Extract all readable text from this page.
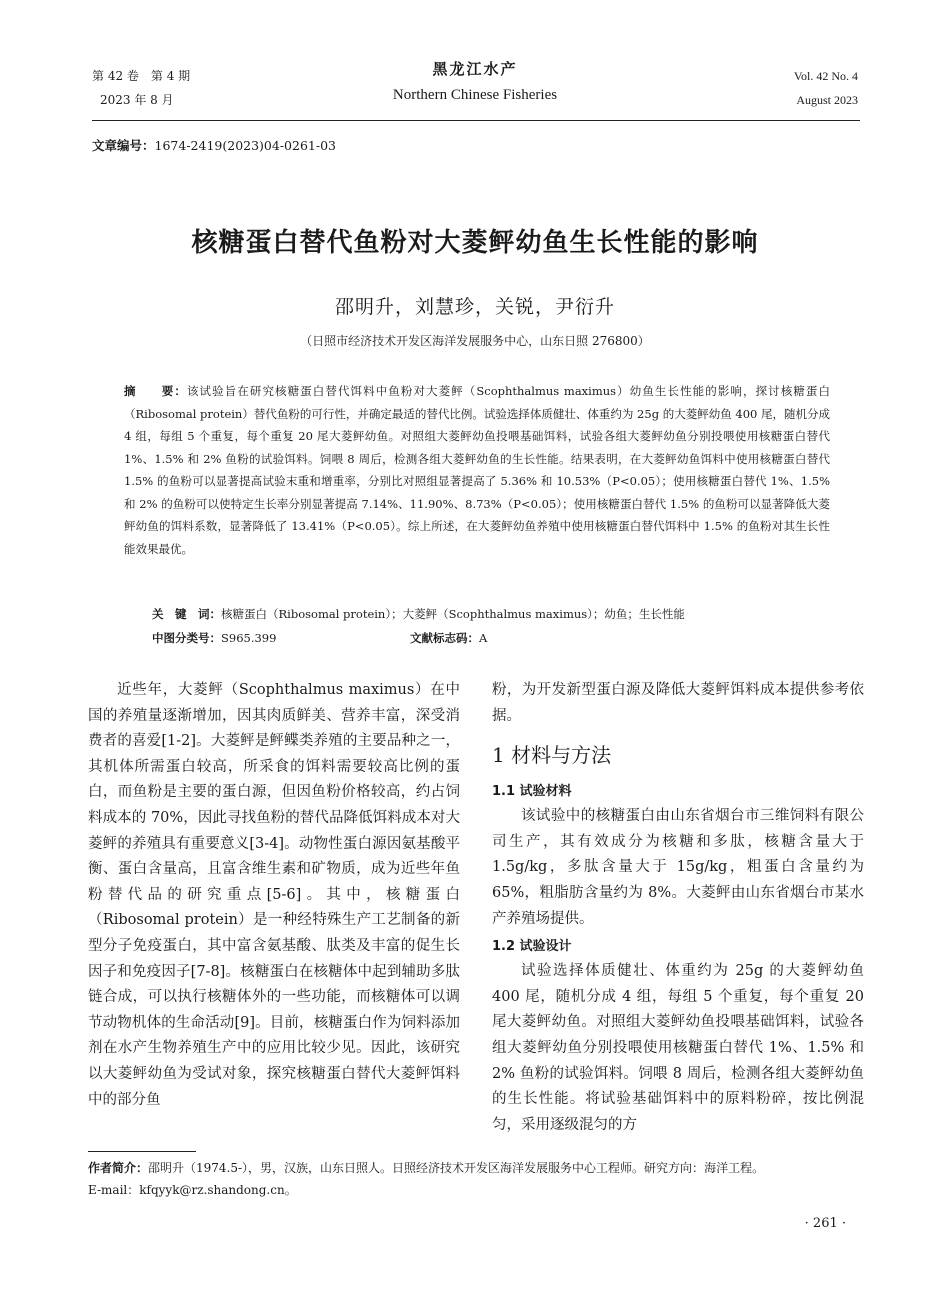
第 42 卷　第 4 期
2023 年 8 月
黑龙江水产
Northern Chinese Fisheries
Vol. 42 No. 4
August 2023
文章编号：1674-2419(2023)04-0261-03
核糖蛋白替代鱼粉对大菱鲆幼鱼生长性能的影响
邵明升，刘慧珍，关锐，尹衍升
（日照市经济技术开发区海洋发展服务中心，山东日照 276800）
摘　　要：该试验旨在研究核糖蛋白替代饵料中鱼粉对大菱鲆（Scophthalmus maximus）幼鱼生长性能的影响，探讨核糖蛋白（Ribosomal protein）替代鱼粉的可行性，并确定最适的替代比例。试验选择体质健壮、体重约为 25g 的大菱鲆幼鱼 400 尾，随机分成 4 组，每组 5 个重复，每个重复 20 尾大菱鲆幼鱼。对照组大菱鲆幼鱼投喂基础饵料，试验各组大菱鲆幼鱼分别投喂使用核糖蛋白替代 1%、1.5% 和 2% 鱼粉的试验饵料。饲喂 8 周后，检测各组大菱鲆幼鱼的生长性能。结果表明，在大菱鲆幼鱼饵料中使用核糖蛋白替代 1.5% 的鱼粉可以显著提高试验末重和增重率，分别比对照组显著提高了 5.36% 和 10.53%（P<0.05）；使用核糖蛋白替代 1%、1.5% 和 2% 的鱼粉可以使特定生长率分别显著提高 7.14%、11.90%、8.73%（P<0.05）；使用核糖蛋白替代 1.5% 的鱼粉可以显著降低大菱鲆幼鱼的饵料系数，显著降低了 13.41%（P<0.05）。综上所述，在大菱鲆幼鱼养殖中使用核糖蛋白替代饵料中 1.5% 的鱼粉对其生长性能效果最优。
关　键　词：核糖蛋白（Ribosomal protein）；大菱鲆（Scophthalmus maximus）；幼鱼；生长性能
中图分类号：S965.399	文献标志码：A

近些年，大菱鲆（Scophthalmus maximus）在中国的养殖量逐渐增加，因其肉质鲜美、营养丰富，深受消费者的喜爱[1-2]。大菱鲆是鲆鲽类养殖的主要品种之一，其机体所需蛋白较高，所采食的饵料需要较高比例的蛋白，而鱼粉是主要的蛋白源，但因鱼粉价格较高，约占饲料成本的 70%，因此寻找鱼粉的替代品降低饵料成本对大菱鲆的养殖具有重要意义[3-4]。动物性蛋白源因氨基酸平衡、蛋白含量高，且富含维生素和矿物质，成为近些年鱼粉替代品的研究重点[5-6]。其中，核糖蛋白（Ribosomal protein）是一种经特殊生产工艺制备的新型分子免疫蛋白，其中富含氨基酸、肽类及丰富的促生长因子和免疫因子[7-8]。核糖蛋白在核糖体中起到辅助多肽链合成，可以执行核糖体外的一些功能，而核糖体可以调节动物机体的生命活动[9]。目前，核糖蛋白作为饲料添加剂在水产生物养殖生产中的应用比较少见。因此，该研究以大菱鲆幼鱼为受试对象，探究核糖蛋白替代大菱鲆饵料中的部分鱼

粉，为开发新型蛋白源及降低大菱鲆饵料成本提供参考依据。

1 材料与方法
1.1 试验材料

该试验中的核糖蛋白由山东省烟台市三维饲料有限公司生产，其有效成分为核糖和多肽，核糖含量大于 1.5g/kg，多肽含量大于 15g/kg，粗蛋白含量约为 65%，粗脂肪含量约为 8%。大菱鲆由山东省烟台市某水产养殖场提供。

1.2 试验设计

试验选择体质健壮、体重约为 25g 的大菱鲆幼鱼 400 尾，随机分成 4 组，每组 5 个重复，每个重复 20 尾大菱鲆幼鱼。对照组大菱鲆幼鱼投喂基础饵料，试验各组大菱鲆幼鱼分别投喂使用核糖蛋白替代 1%、1.5% 和 2% 鱼粉的试验饵料。饲喂 8 周后，检测各组大菱鲆幼鱼的生长性能。将试验基础饵料中的原料粉碎，按比例混匀，采用逐级混匀的方

作者简介：邵明升（1974.5-），男，汉族，山东日照人。日照经济技术开发区海洋发展服务中心工程师。研究方向：海洋工程。
E-mail：kfqyyk@rz.shandong.cn。
· 261 ·
